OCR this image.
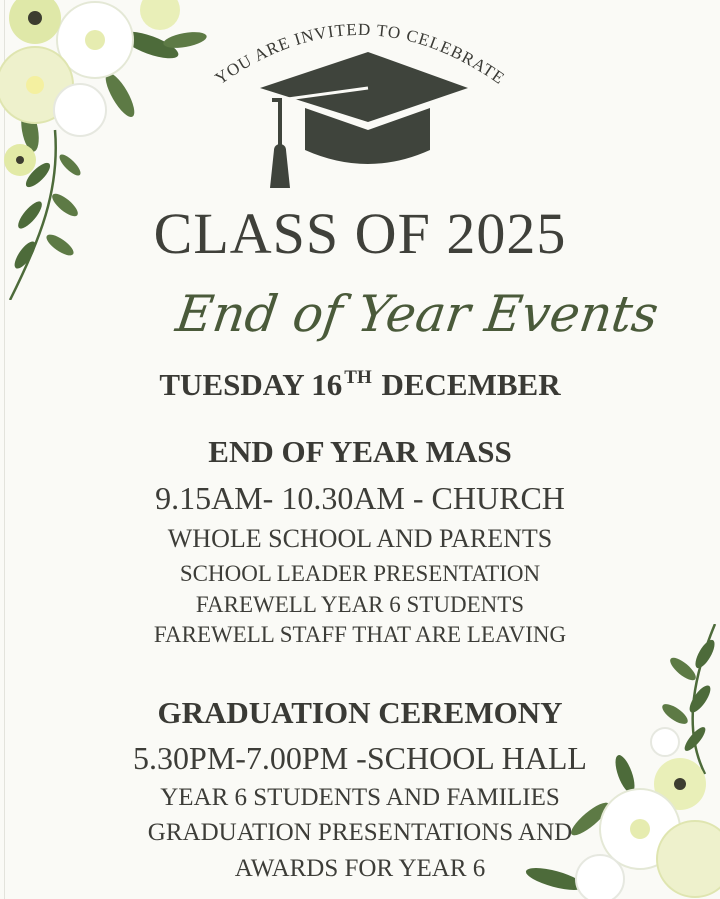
YOU ARE INVITED TO CELEBRATE
CLASS OF 2025
End of Year Events
TUESDAY 16 $^{TH}$ DECEMBER
END OF YEAR MASS
9.15AM- 10.30AM - CHURCH
WHOLE SCHOOL AND PARENTS
SCHOOL LEADER PRESENTATION
FAREWELL YEAR 6 STUDENTS
FAREWELL STAFF THAT ARE LEAVING
GRADUATION CEREMONY
5.30PM-7.00PM -SCHOOL HALL
YEAR 6 STUDENTS AND FAMILIES
GRADUATION PRESENTATIONS AND
AWARDS FOR YEAR 6
